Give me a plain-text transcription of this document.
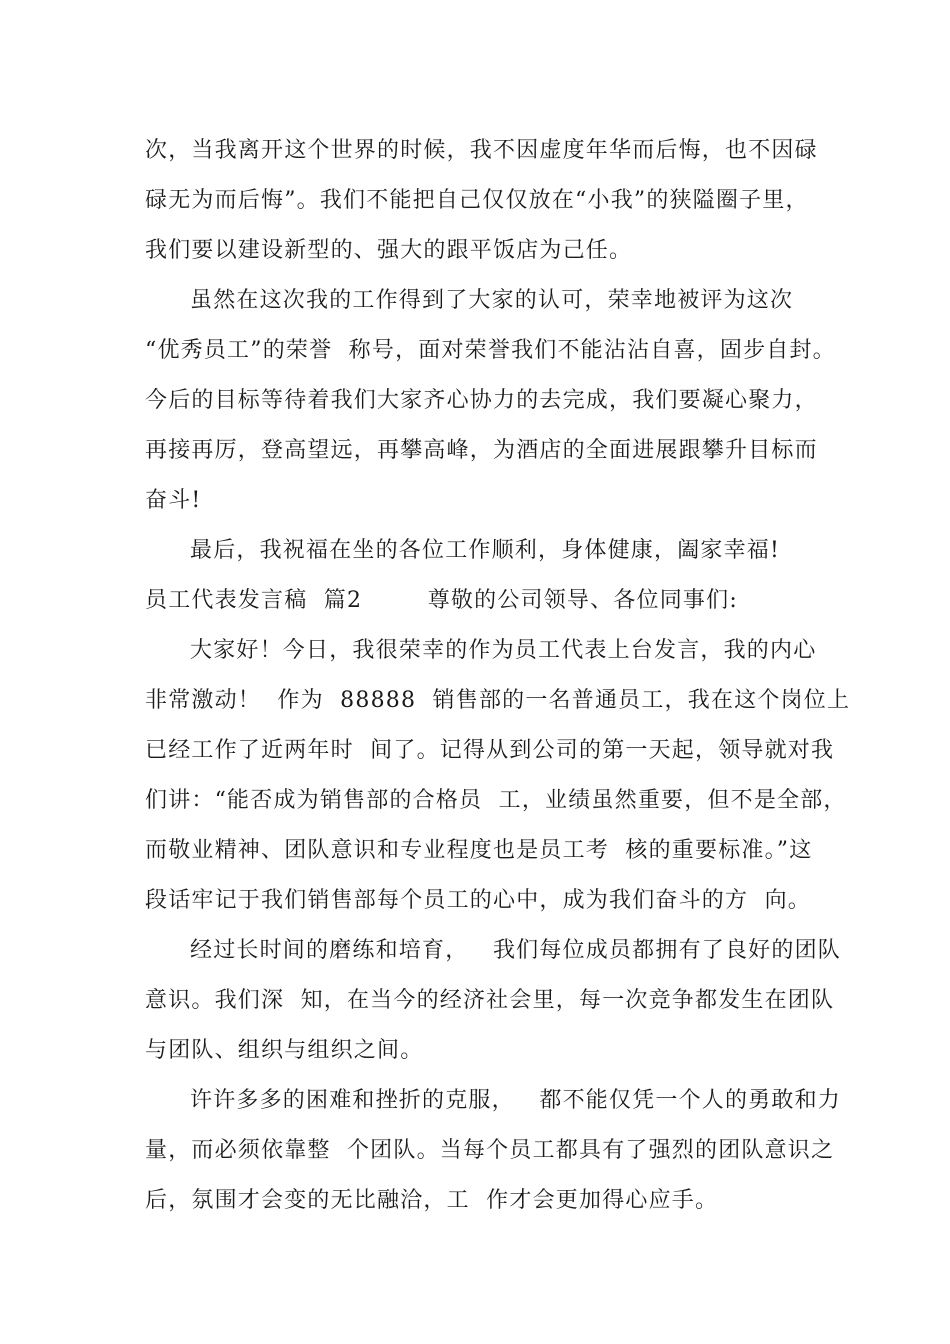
次，当我离开这个世界的时候，我不因虚度年华而后悔，也不因碌
碌无为而后悔”。我们不能把自己仅仅放在“小我”的狭隘圈子里，
我们要以建设新型的、强大的跟平饭店为己任。
虽然在这次我的工作得到了大家的认可，荣幸地被评为这次
“优秀员工”的荣誉  称号，面对荣誉我们不能沾沾自喜，固步自封。
今后的目标等待着我们大家齐心协力的去完成，我们要凝心聚力，
再接再厉，登高望远，再攀高峰，为酒店的全面进展跟攀升目标而
奋斗!
最后，我祝福在坐的各位工作顺利，身体健康，阖家幸福!
员工代表发言稿  篇2        尊敬的公司领导、各位同事们:
大家好！今日，我很荣幸的作为员工代表上台发言，我的内心
非常激动！  作为  88888  销售部的一名普通员工，我在这个岗位上
已经工作了近两年时  间了。记得从到公司的第一天起，领导就对我
们讲：“能否成为销售部的合格员  工，业绩虽然重要，但不是全部，
而敬业精神、团队意识和专业程度也是员工考  核的重要标准。”这
段话牢记于我们销售部每个员工的心中，成为我们奋斗的方  向。
经过长时间的磨练和培育，   我们每位成员都拥有了良好的团队
意识。我们深  知，在当今的经济社会里，每一次竞争都发生在团队
与团队、组织与组织之间。
许许多多的困难和挫折的克服，   都不能仅凭一个人的勇敢和力
量，而必须依靠整  个团队。当每个员工都具有了强烈的团队意识之
后，氛围才会变的无比融洽，工  作才会更加得心应手。
